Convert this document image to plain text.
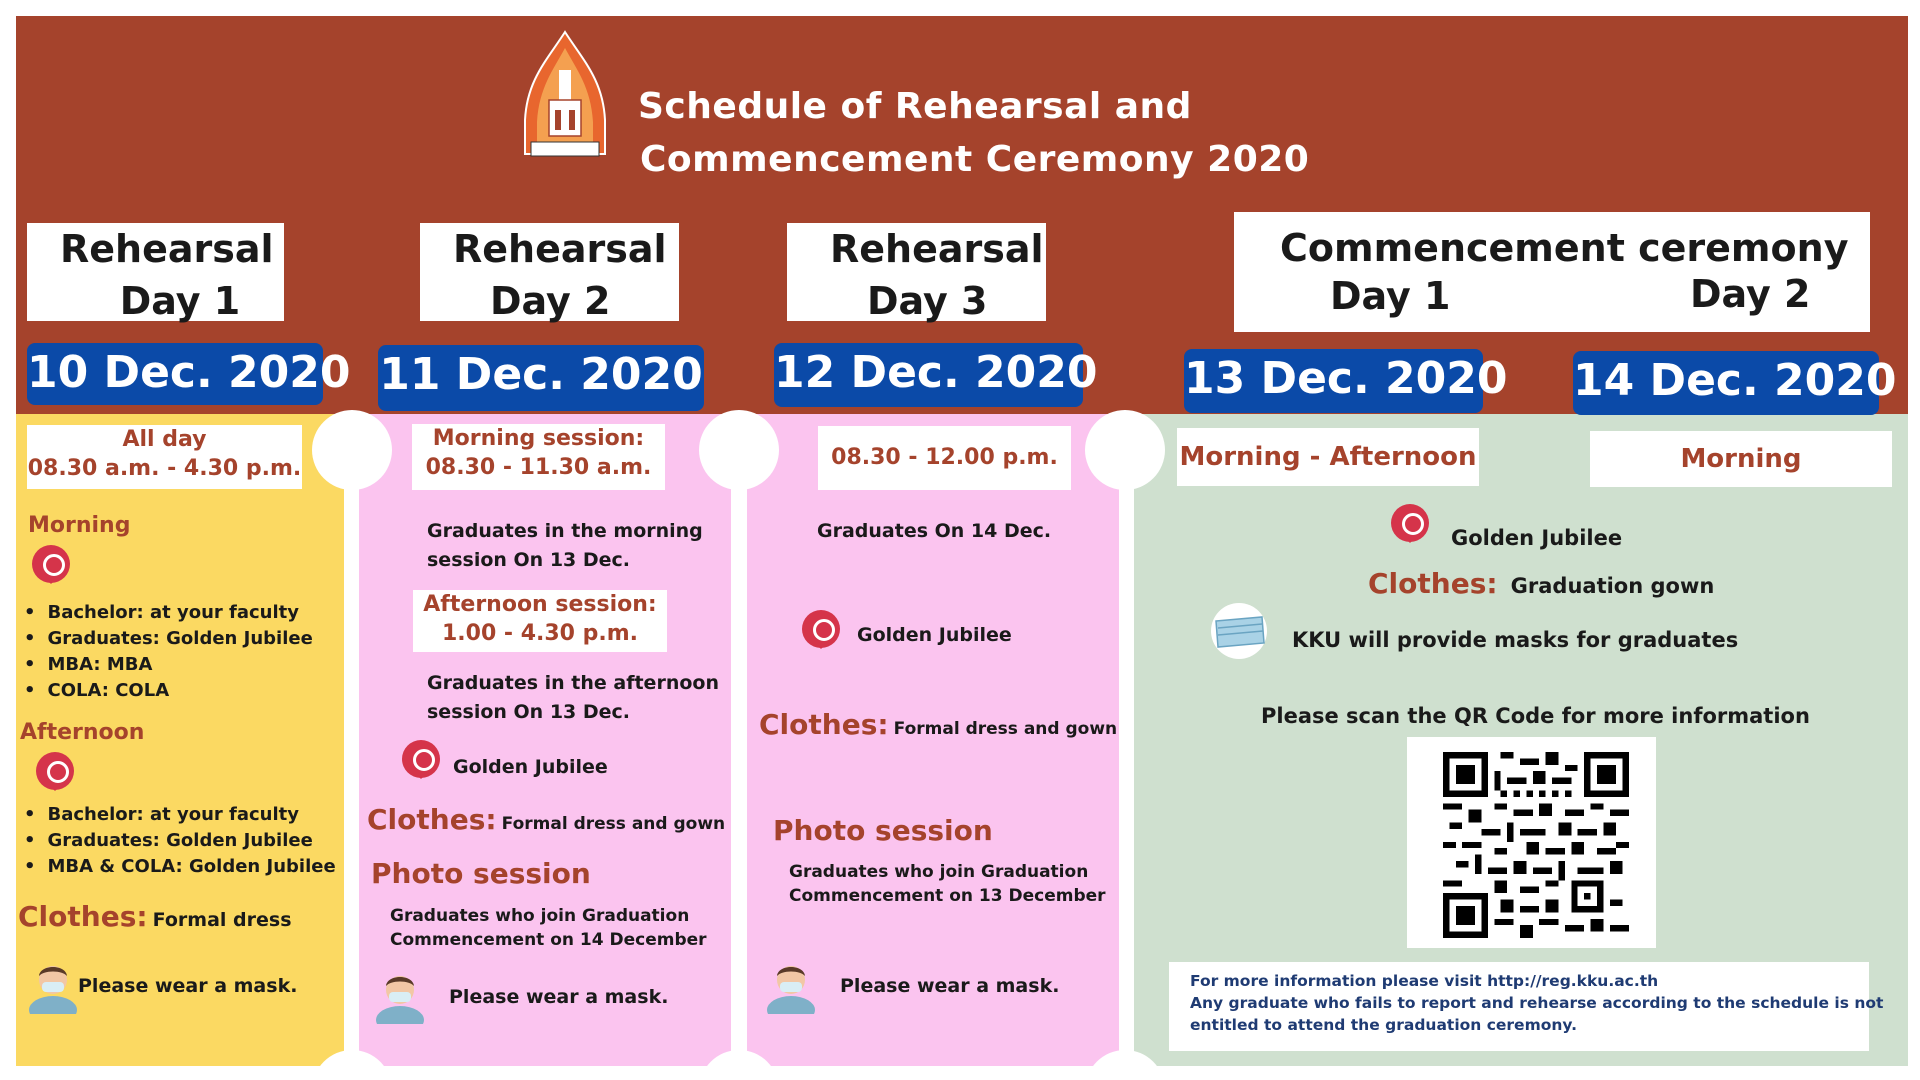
Schedule of Rehearsal and
Commencement Ceremony 2020
Rehearsal
Day 1
Rehearsal
Day 2
Rehearsal
Day 3
Commencement ceremony
Day 1	Day 2
10 Dec. 2020 11 Dec. 2020 12 Dec. 2020 13 Dec. 2020 14 Dec. 2020
All day
08.30 a.m. - 4.30 p.m.
Morning
• Bachelor: at your faculty
• Graduates: Golden Jubilee
• MBA: MBA
• COLA: COLA
Afternoon
• Bachelor: at your faculty
• Graduates: Golden Jubilee
• MBA & COLA: Golden Jubilee
Clothes: Formal dress
Please wear a mask.
Morning session:
08.30 - 11.30 a.m.
Graduates in the morning
session On 13 Dec.
Afternoon session:
1.00 - 4.30 p.m.
Graduates in the afternoon
session On 13 Dec.
Golden Jubilee
Clothes: Formal dress and gown
Photo session
Graduates who join Graduation
Commencement on 14 December
Please wear a mask.
08.30 - 12.00 p.m.
Graduates On 14 Dec.
Golden Jubilee
Clothes: Formal dress and gown
Photo session
Graduates who join Graduation
Commencement on 13 December
Please wear a mask.
Morning - Afternoon	Morning
Golden Jubilee
Clothes: Graduation gown
KKU will provide masks for graduates
Please scan the QR Code for more information
For more information please visit http://reg.kku.ac.th
Any graduate who fails to report and rehearse according to the schedule is not
entitled to attend the graduation ceremony.
